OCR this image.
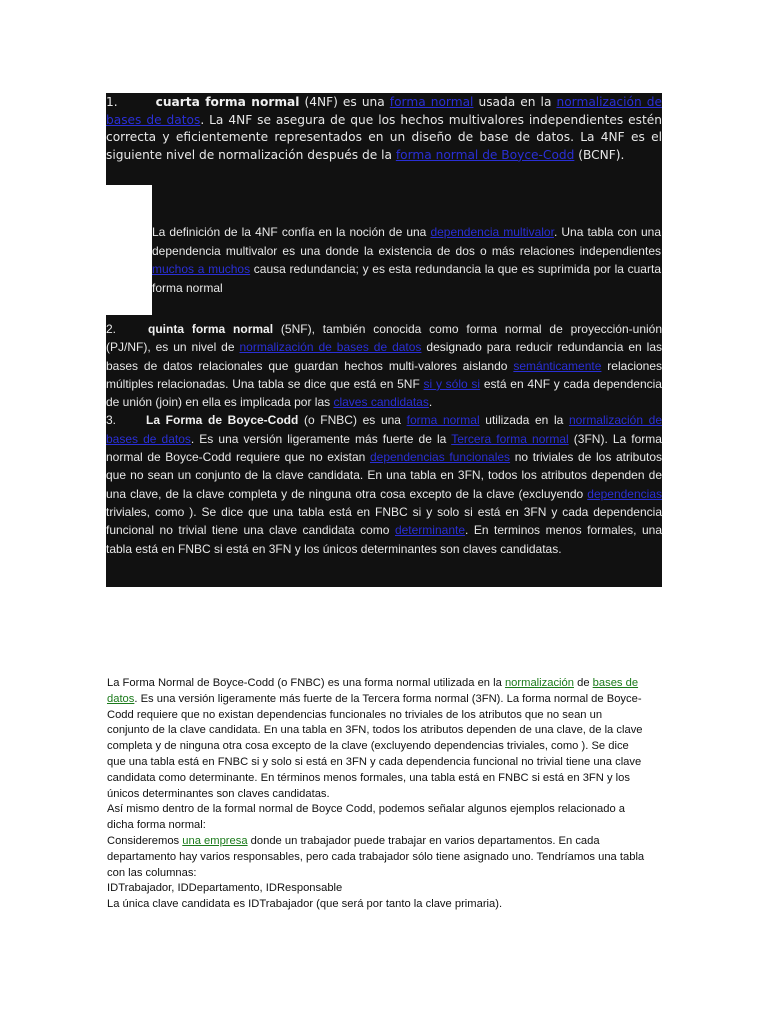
1.	cuarta forma normal (4NF) es una forma normal usada en la normalización de bases de datos. La 4NF se asegura de que los hechos multivalores independientes estén correcta y eficientemente representados en un diseño de base de datos. La 4NF es el siguiente nivel de normalización después de la forma normal de Boyce-Codd (BCNF).
La definición de la 4NF confía en la noción de una dependencia multivalor. Una tabla con una dependencia multivalor es una donde la existencia de dos o más relaciones independientes muchos a muchos causa redundancia; y es esta redundancia la que es suprimida por la cuarta forma normal
2.	quinta forma normal (5NF), también conocida como forma normal de proyección-unión (PJ/NF), es un nivel de normalización de bases de datos designado para reducir redundancia en las bases de datos relacionales que guardan hechos multi-valores aislando semánticamente relaciones múltiples relacionadas. Una tabla se dice que está en 5NF si y sólo si está en 4NF y cada dependencia de unión (join) en ella es implicada por las claves candidatas.
3.	La Forma de Boyce-Codd (o FNBC) es una forma normal utilizada en la normalización de bases de datos. Es una versión ligeramente más fuerte de la Tercera forma normal (3FN). La forma normal de Boyce-Codd requiere que no existan dependencias funcionales no triviales de los atributos que no sean un conjunto de la clave candidata. En una tabla en 3FN, todos los atributos dependen de una clave, de la clave completa y de ninguna otra cosa excepto de la clave (excluyendo dependencias triviales, como ). Se dice que una tabla está en FNBC si y solo si está en 3FN y cada dependencia funcional no trivial tiene una clave candidata como determinante. En terminos menos formales, una tabla está en FNBC si está en 3FN y los únicos determinantes son claves candidatas.

La Forma Normal de Boyce-Codd (o FNBC) es una forma normal utilizada en la normalización de bases de datos. Es una versión ligeramente más fuerte de la Tercera forma normal (3FN). La forma normal de Boyce-Codd requiere que no existan dependencias funcionales no triviales de los atributos que no sean un conjunto de la clave candidata. En una tabla en 3FN, todos los atributos dependen de una clave, de la clave completa y de ninguna otra cosa excepto de la clave (excluyendo dependencias triviales, como ). Se dice que una tabla está en FNBC si y solo si está en 3FN y cada dependencia funcional no trivial tiene una clave candidata como determinante. En términos menos formales, una tabla está en FNBC si está en 3FN y los únicos determinantes son claves candidatas.

Así mismo dentro de la formal normal de Boyce Codd, podemos señalar algunos ejemplos relacionado a dicha forma normal:

Consideremos una empresa donde un trabajador puede trabajar en varios departamentos. En cada departamento hay varios responsables, pero cada trabajador sólo tiene asignado uno. Tendríamos una tabla con las columnas:

IDTrabajador, IDDepartamento, IDResponsable

La única clave candidata es IDTrabajador (que será por tanto la clave primaria).
